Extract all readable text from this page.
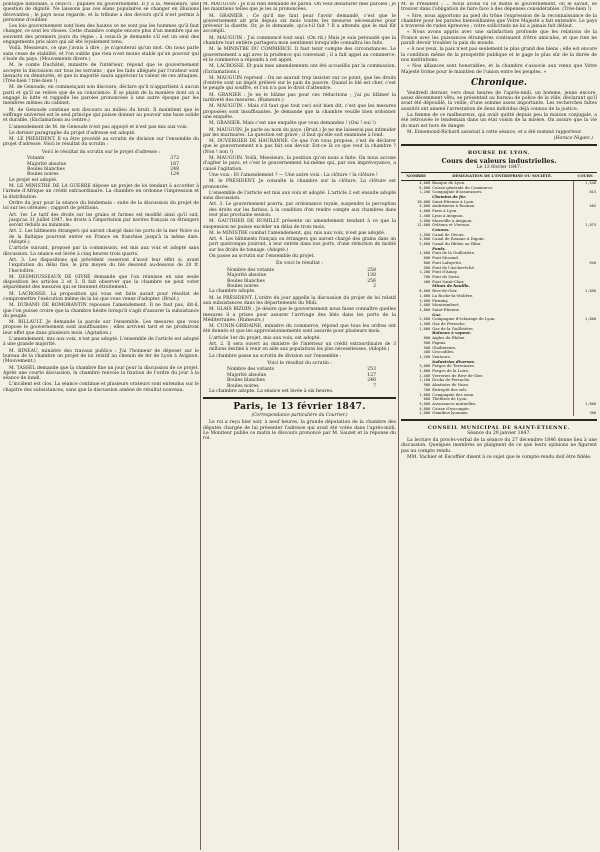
politique nationale, à ceux-ci : pupilles du gouvernement. Il y a là, Messieurs, une question de dignité. Ne laissons pas ces élans populaires se changer en illusions décevantes ; le pays nous regarde, et la tribune a des devoirs qu'il n'est permis à personne d'oublier.

Les lois gouvernement sont bien des hautes ce ne sont pas les hommes qu'il faut changer, ce sont les choses. Cette chambre compte encore plus d'un membre qui se souvient des premiers jours du règne ; à ceux-là je demande s'il est un seul des engagements pris alors qui ait été loyalement tenu.

Voilà, Messieurs, ce que j'avais à dire ; je n'ajouterai qu'un mot. On nous parle sans cesse de stabilité, et l'on oublie que rien n'est moins stable qu'un pouvoir qui s'isole du pays. (Mouvements divers.)

M. le comte Duchâtel, ministre de l'intérieur, répond que le gouvernement accepte la discussion sur tous les terrains ; que les faits allégués par l'orateur sont inexacts ou dénaturés, et que la majorité saura apprécier la valeur de ces attaques. (Très-bien ! très-bien !)

M. de Genoude, en commençant son discours, déclare qu'il n'appartient à aucun parti et qu'il ne relève que de sa conscience. Il se plaint de la manière dont on a engagé la lutte et rappelle les paroles prononcées à une autre époque par les membres mêmes du cabinet.

M. de Genoude continue son discours au milieu du bruit. Il maintient que le suffrage universel est le seul principe qui puisse donner au pouvoir une base solide et durable. (Exclamations au centre.)

L'amendement de M. de Genoude n'est pas appuyé et n'est pas mis aux voix.

Le dernier paragraphe du projet d'adresse est adopté.

M. LE PRÉSIDENT. Il va être procédé au scrutin de division sur l'ensemble du projet d'adresse. Voici le résultat du scrutin :

Voici le résultat du scrutin sur le projet d'adresse :
Votants	372
Majorité absolue	187
Boules blanches	248
Boules noires	124

Le projet est adopté.

M. LE MINISTRE DE LA GUERRE dépose un projet de loi tendant à accorder à l'armée d'Afrique un crédit extraordinaire. La chambre en ordonne l'impression et la distribution.

Ordre du jour pour la séance du lendemain : suite de la discussion du projet de loi sur les céréales ; rapport de pétitions.

Art. 1er. Le tarif des droits sur les grains et farines est modifié ainsi qu'il suit, jusqu'au 31 juillet 1847, les droits à l'importation par navires français ou étrangers seront réduits au minimum.

Art. 2. Les bâtiments étrangers qui auront chargé dans les ports de la mer Noire ou de la Baltique pourront entrer en France en franchise jusqu'à la même date. (Adopté.)

L'article suivant, proposé par la commission, est mis aux voix et adopté sans discussion. La séance est levée à cinq heures trois quarts.

Art. 3. Les dispositions qui précèdent cesseront d'avoir leur effet si, avant l'expiration du délai fixé, le prix moyen du blé descend au-dessous de 20 fr. l'hectolitre.

M. DESMOUSSEAUX DE GIVRÉ demande que l'on réunisse en une seule disposition les articles 2 et 3. Il fait observer que la chambre ne peut voter séparément des mesures qui se tiennent étroitement.

M. LACROSSE. La proposition qui vous est faite aurait pour résultat de compromettre l'exécution même de la loi que vous venez d'adopter. (Bruit.)

M. DURAND DE ROMORANTIN repousse l'amendement. Il ne faut pas, dit-il, que l'on puisse croire que la chambre hésite lorsqu'il s'agit d'assurer la subsistance du peuple.

M. BILLAULT. Je demande la parole sur l'ensemble. Les mesures que vous propose le gouvernement sont insuffisantes ; elles arrivent tard et ne produiront leur effet que dans plusieurs mois. (Agitation.)

L'amendement, mis aux voix, n'est pas adopté. L'ensemble de l'article est adopté à une grande majorité.

M. BINEAU, ministre des travaux publics : J'ai l'honneur de déposer sur le bureau de la chambre un projet de loi relatif au chemin de fer de Lyon à Avignon. (Mouvement.)

M. TASSEL demande que la chambre fixe un jour pour la discussion de ce projet. Après une courte discussion, la chambre renvoie la fixation de l'ordre du jour à la séance de lundi.

L'incident est clos. La séance continue et plusieurs orateurs sont entendus sur le chapitre des subsistances, sans que la discussion amène de résultat nouveau.

M. MAUGUIN : Je n'ai rien demandé de pareil. On veut dénaturer mes paroles ; je les maintiens telles que je les ai prononcées.

M. GRANIER : Ce qu'il me faut pour l'avoir demandé, c'est que le gouvernement ait pris depuis six mois toutes les mesures nécessaires pour prévenir la disette. Or, je le demande, qu'a-t-il fait ? Il a attendu que le mal fût accompli.

M. MAUGUIN : J'ai commencé tout seul. (On rit.) Mais je suis persuadé que la chambre tout entière partagera mon sentiment lorsqu'elle connaîtra les faits.

M. le MINISTRE DU COMMERCE. Il faut tenir compte des circonstances. Le gouvernement a agi avec la prudence qui convenait ; il a fait appel au commerce, et le commerce a répondu à cet appel.

M. LACROSSE. Et puis mes amendements ont été accueillis par la commission. (Exclamations.)

M. MAUGUIN reprend : On ne saurait trop insister sur ce point, que les droits d'entrée sont un impôt prélevé sur le pain du pauvre. Quand le blé est cher, c'est le peuple qui souffre, et l'on n'a pas le droit d'attendre.

M. GRANIER : Je ne le blâme pas pour ces réductions ; j'ai pu blâmer la tardiveté des mesures. (Rumeurs.)

M. MAUGUIN : Mais s'il faut que tout ceci soit bien dit, c'est que les mesures proposées sont insuffisantes. Je demande que la chambre veuille bien ordonner une enquête.

M. GRANIER. Mais c'est une enquête que vous demandez ! (Oui ! oui !)

M. MAUGUIN. Je parle au nom du pays. (Bruit.) Je ne me laisserai pas intimider par les murmures. La question est grave ; il faut qu'elle soit examinée à fond.

M. DUVERGIER DE HAURANNE. Ce que l'on vous propose, c'est de déclarer que le gouvernement n'a pas fait son devoir. Est-ce là ce que veut la chambre ? (Non ! non !)

M. MAUGUIN. Voilà, Messieurs, la position qu'on nous a faite. On nous accuse d'agiter le pays, et c'est le gouvernement lui-même qui, par son imprévoyance, a causé l'agitation.

Une voix : Et l'amendement ? — Une autre voix : La clôture ! la clôture !

M. le PRÉSIDENT. Je consulte la chambre sur la clôture. La clôture est prononcée.

L'ensemble de l'article est mis aux voix et adopté. L'article 2 est ensuite adopté sans discussion.

Art. 3. Le gouvernement pourra, par ordonnance royale, suspendre la perception des droits sur les farines, à la condition d'en rendre compte aux chambres dans leur plus prochaine session.

M. GAUTHIER DE RUMILLY présente un amendement tendant à ce que la suspension ne puisse excéder un délai de trois mois.

M. le MINISTRE combat l'amendement, qui, mis aux voix, n'est pas adopté.

Art. 4. Les bâtiments français ou étrangers qui auront chargé des grains dans un port quelconque jouiront, à leur entrée dans nos ports, d'une réduction de moitié sur les droits de tonnage. (Adopté.)

On passe au scrutin sur l'ensemble du projet.

En voici le résultat :
Nombre des votants	258
Majorité absolue	130
Boules blanches	256
Boules noires	2

La chambre adopte.

M. le PRÉSIDENT. L'ordre du jour appelle la discussion du projet de loi relatif aux subsistances dans les départements du Midi.

M. GLAIS BIZOIN : Je désire que le gouvernement nous fasse connaître quelles mesures il a prises pour assurer l'arrivage des blés dans les ports de la Méditerranée. (Rumeurs.)

M. CUNIN-GRIDAINE, ministre du commerce, répond que tous les ordres ont été donnés et que les approvisionnements sont assurés pour plusieurs mois.

L'article 1er du projet, mis aux voix, est adopté.

Art. 2. Il sera ouvert au ministre de l'intérieur un crédit extraordinaire de 3 millions destiné à venir en aide aux populations les plus nécessiteuses. (Adopté.)

La chambre passe au scrutin de division sur l'ensemble :

Voici le résultat du scrutin :
Nombre des votants	253
Majorité absolue	127
Boules blanches	246
Boules noires	7

La chambre adopte. La séance est levée à six heures.

Paris, le 13 février 1847.
(Correspondance particulière du Courrier.)

Le roi a reçu hier soir, à neuf heures, la grande députation de la chambre des députés chargée de lui présenter l'adresse qui avait été votée dans l'après-midi. Le Moniteur publie ce matin le discours prononcé par M. Sauzet et la réponse du roi.

M. le Président : ... Nous avons vu ce matin le gouvernement, on le savait, se trouver dans l'obligation de faire face à des dépenses considérables. (Très-bien !)

« Sire, nous apportons au pied du trône l'expression de la reconnaissance de la chambre pour les paroles bienveillantes que Votre Majesté a fait entendre. Le pays a traversé de rudes épreuves ; votre sollicitude ne lui a jamais fait défaut.

« Nous avons appris avec une satisfaction profonde que les relations de la France avec les puissances étrangères continuent d'être amicales, et que rien ne paraît devoir troubler la paix du monde.

« À nos yeux, la paix n'est pas seulement le plus grand des biens ; elle est encore la condition même de la prospérité publique et le gage le plus sûr de la durée de nos institutions.

« Nos alliances sont honorables, et la chambre s'associe aux vœux que Votre Majesté forme pour le maintien de l'union entre les peuples. »

Chronique.

Vendredi dernier, vers deux heures de l'après-midi, un homme, jeune encore, assez décemment vêtu, se présentait au bureau de police de la ville, déclarant qu'il avait été dépouillé, la veille, d'une somme assez importante. Les recherches faites aussitôt ont amené l'arrestation de deux individus déjà connus de la justice.

La femme de ce malheureux, qui avait quitté depuis peu la maison conjugale, a été retrouvée le lendemain dans un état voisin de la misère. On assure que la vie du mari est hors de danger.

M. Ennemond-Richard assistait à cette séance, et a été nommé rapporteur.

(Horace Nigate.)
BOURSE DE LYON.
Cours des valeurs industrielles.
Le 13 février 1847.
NOMBRE	DÉSIGNATION DE L'ENTREPRISE OU SOCIÉTÉ.	COURS
4,000	Banque de Lyon.	1,540
6,000	Caisse générale du Commerce.	
1,200	Compagnie d'assurances.	815
	Chemins de fer.	
20,000	Saint-Étienne à Lyon.	
5,000	Andrézieux à Roanne.	462
4,000	Paris à Lyon.	
2,400	Lyon à Avignon.	
3,000	Marseille à Avignon.	
12,000	Orléans et Vierzon.	1,075
	Canaux.	
1,500	Canal de Givors.	
4,800	Canal de Roanne à Digoin.	
2,600	Canal du Rhône au Rhin.	
	Ponts.	
1,000	Pont de la Guillotière.	
600	Pont Morand.	
800	Pont Lafayette.	940
500	Pont de l'Archevêché.	
1,200	Pont d'Ainay.	
700	Pont de Serin.	
400	Pont Saint-Clair.	
	Mines de houille.	
8,000	Rive-de-Gier.	1,850
1,000	La Roche-la-Molière.	
3,000	Firminy.	
2,000	Montrambert.	
1,800	Saint-Étienne.	
	Gaz.	
2,000	Compagnie d'éclairage de Lyon.	1,060
1,500	Gaz de Perrache.	
1,000	Gaz de la Guillotière.	
	Bateaux à vapeur.	
600	Aigles du Rhône.	
900	Papins.	
500	Gladiateurs.	
400	Crocodiles.	
1,200	Vautours.	
	Industries diverses.	
3,000	Forges de Terrenoire.	
1,800	Forges de la Loire.	
2,400	Verreries de Rive-de-Gier.	
1,100	Docks de Perrache.	
900	Abattoirs de Vaise.	
700	Entrepôt des sels.	
1,000	Compagnie des eaux.	
600	Théâtres de Lyon.	
5,000	Assurances mutuelles.	1,660
4,000	Caisse d'escompte.	
2,000	Omnibus lyonnais.	300
CONSEIL MUNICIPAL DE SAINT-ÉTIENNE.
Séance du 29 janvier 1847.

La lecture du procès-verbal de la séance du 27 décembre 1846 donne lieu à une discussion. Quelques membres se plaignent de ce que leurs opinions ne figurent pas au compte rendu.

MM. Vachier et Escoffier disent à ce sujet que le compte-rendu doit être fidèle.
